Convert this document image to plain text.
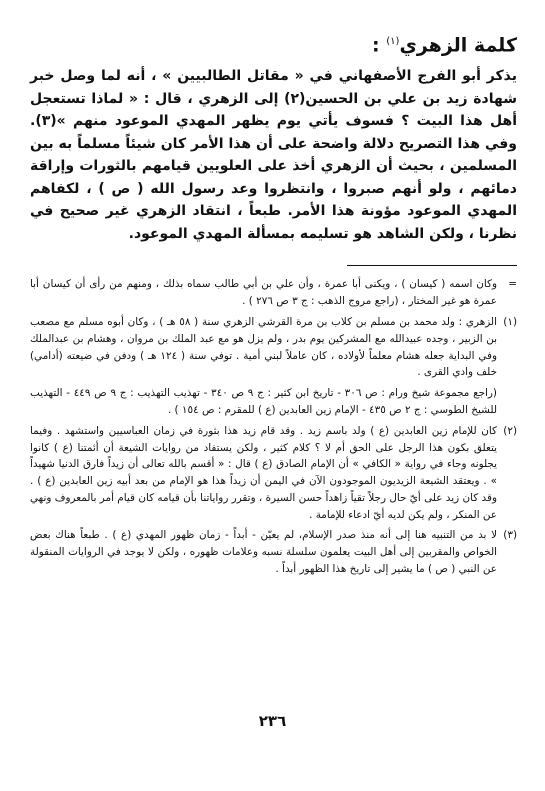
كلمة الزهري$^{(١)}$ :

يذكر أبو الفرج الأصفهاني في « مقاتل الطالبيين » ، أنه لما وصل خبر شهادة زيد بن علي بن الحسين(٢) إلى الزهري ، قال : « لماذا تستعجل أهل هذا البيت ؟ فسوف يأتي يوم يظهر المهدي الموعود منهم »(٣). وفي هذا التصريح دلالة واضحة على أن هذا الأمر كان شيئاً مسلماً به بين المسلمين ، بحيث أن الزهري أخذ على العلويين قيامهم بالثورات وإراقة دمائهم ، ولو أنهم صبروا ، وانتظروا وعد رسول الله ( ص ) ، لكفاهم المهدي الموعود مؤونة هذا الأمر. طبعاً ، انتقاد الزهري غير صحيح في نظرنا ، ولكن الشاهد هو تسليمه بمسألة المهدي الموعود.

=
وكان اسمه ( كيسان ) ، ويكنى أبا عمرة ، وأن علي بن أبي طالب سماه بذلك ، ومنهم من رأى أن كيسان أبا عمرة هو غير المختار ، (راجع مروج الذهب : ج ٣ ص ٢٧٦ ) .

(١)
الزهري : ولد محمد بن مسلم بن كلاب بن مرة القرشي الزهري سنة ( ٥٨ هـ ) ، وكان أبوه مسلم مع مصعب بن الزبير ، وجده عبيدالله مع المشركين يوم بدر ، ولم يزل هو مع عبد الملك بن مروان ، وهشام بن عبدالملك وفي البداية جعله هشام معلماً لأولاده ، كان عاملاً لبني أمية . توفي سنة ( ١٢٤ هـ ) ودفن في ضيعته (أدامي) خلف وادي القرى .

(راجع مجموعة شيخ ورام : ص ٣٠٦ - تاريخ ابن كثير : ج ٩ ص ٣٤٠ - تهذيب التهذيب : ج ٩ ص ٤٤٩ - التهذيب للشيخ الطوسي : ج ٢ ص ٤٣٥ - الإمام زين العابدين (ع ) للمقرم : ص ١٥٤ ) .

(٢)
كان للإمام زين العابدين (ع ) ولد باسم زيد . وقد قام زيد هذا بثورة في زمان العباسيين واستشهد . وفيما يتعلق بكون هذا الرجل على الحق أم لا ؟ كلام كثير ، ولكن يستفاد من روايات الشيعة أن أئمتنا (ع ) كانوا يجلونه وجاء في رواية « الكافي » أن الإمام الصادق (ع ) قال : « أقسم بالله تعالى أن زيداً فارق الدنيا شهيداً » . ويعتقد الشيعة الزيديون الموجودون الآن في اليمن أن زيداً هذا هو الإمام من بعد أبيه زين العابدين (ع ) . وقد كان زيد على أيّ حال رجلاً تقياً زاهداً حسن السيرة ، وتقرر رواياتنا بأن قيامه كان قيام أمر بالمعروف ونهي عن المنكر ، ولم يكن لديه أيّ ادعاء للإمامة .

(٣)
لا بد من التنبيه هنا إلى أنه منذ صدر الإسلام، لم يعيّن - أبداً - زمان ظهور المهدي (ع ) . طبعاً هناك بعض الخواص والمقربين إلى أهل البيت يعلمون سلسلة نسبه وعلامات ظهوره ، ولكن لا يوجد في الروايات المنقولة عن النبي ( ص ) ما يشير إلى تاريخ هذا الظهور أبداً .

٢٣٦
